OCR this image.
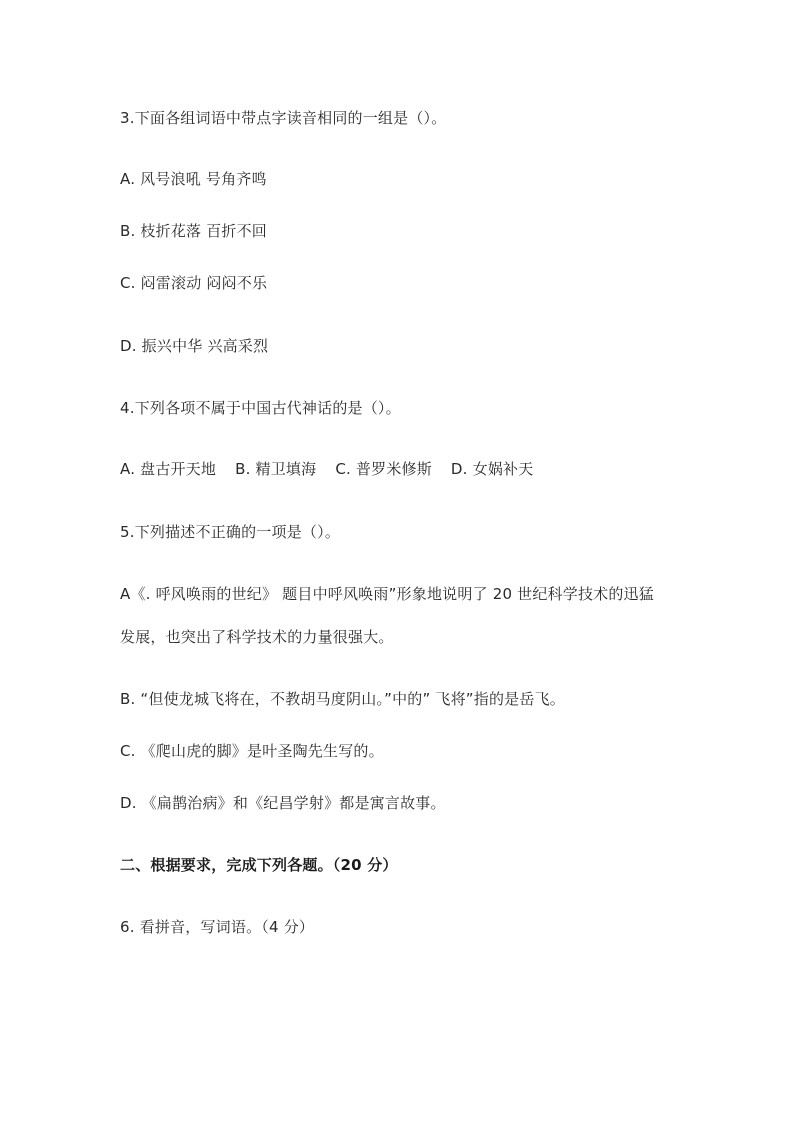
3.下面各组词语中带点字读音相同的一组是（）。
A. 风号浪吼 号角齐鸣
B. 枝折花落 百折不回
C. 闷雷滚动 闷闷不乐
D. 振兴中华 兴高采烈
4.下列各项不属于中国古代神话的是（）。
A. 盘古开天地 B. 精卫填海 C. 普罗米修斯 D. 女娲补天
5.下列描述不正确的一项是（）。
A《. 呼风唤雨的世纪》 题目中呼风唤雨”形象地说明了 20 世纪科学技术的迅猛
发展，也突出了科学技术的力量很强大。
B. “但使龙城飞将在，不教胡马度阴山。”中的” 飞将”指的是岳飞。
C. 《爬山虎的脚》是叶圣陶先生写的。
D. 《扁鹊治病》和《纪昌学射》都是寓言故事。
二、根据要求，完成下列各题。（20 分）
6. 看拼音，写词语。（4 分）
